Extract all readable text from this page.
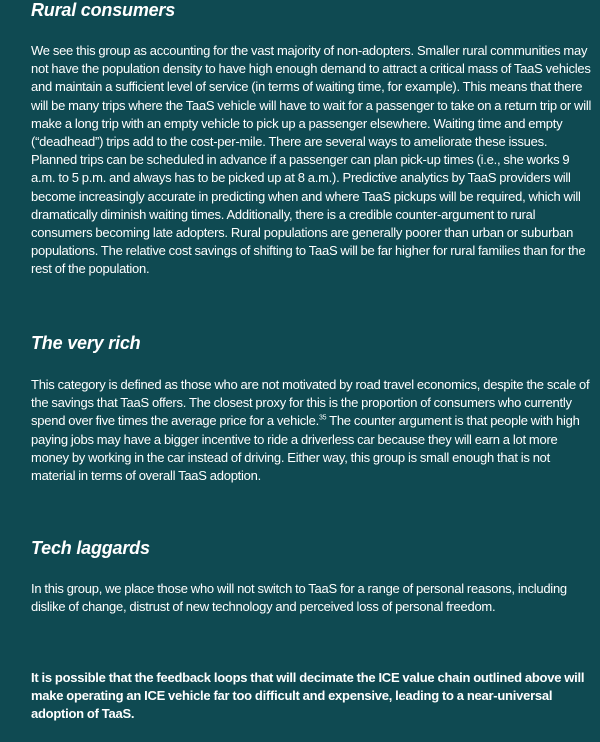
Rural consumers

We see this group as accounting for the vast majority of non-adopters. Smaller rural communities may not have the population density to have high enough demand to attract a critical mass of TaaS vehicles and maintain a sufficient level of service (in terms of waiting time, for example). This means that there will be many trips where the TaaS vehicle will have to wait for a passenger to take on a return trip or will make a long trip with an empty vehicle to pick up a passenger elsewhere. Waiting time and empty (“deadhead”) trips add to the cost-per-mile. There are several ways to ameliorate these issues. Planned trips can be scheduled in advance if a passenger can plan pick-up times (i.e., she works 9 a.m. to 5 p.m. and always has to be picked up at 8 a.m.). Predictive analytics by TaaS providers will become increasingly accurate in predicting when and where TaaS pickups will be required, which will dramatically diminish waiting times. Additionally, there is a credible counter-argument to rural consumers becoming late adopters. Rural populations are generally poorer than urban or suburban populations. The relative cost savings of shifting to TaaS will be far higher for rural families than for the rest of the population.

The very rich

This category is defined as those who are not motivated by road travel economics, despite the scale of the savings that TaaS offers. The closest proxy for this is the proportion of consumers who currently spend over five times the average price for a vehicle.$^{35}$ The counter argument is that people with high paying jobs may have a bigger incentive to ride a driverless car because they will earn a lot more money by working in the car instead of driving. Either way, this group is small enough that is not material in terms of overall TaaS adoption.

Tech laggards

In this group, we place those who will not switch to TaaS for a range of personal reasons, including dislike of change, distrust of new technology and perceived loss of personal freedom.

It is possible that the feedback loops that will decimate the ICE value chain outlined above will make operating an ICE vehicle far too difficult and expensive, leading to a near-universal adoption of TaaS.
